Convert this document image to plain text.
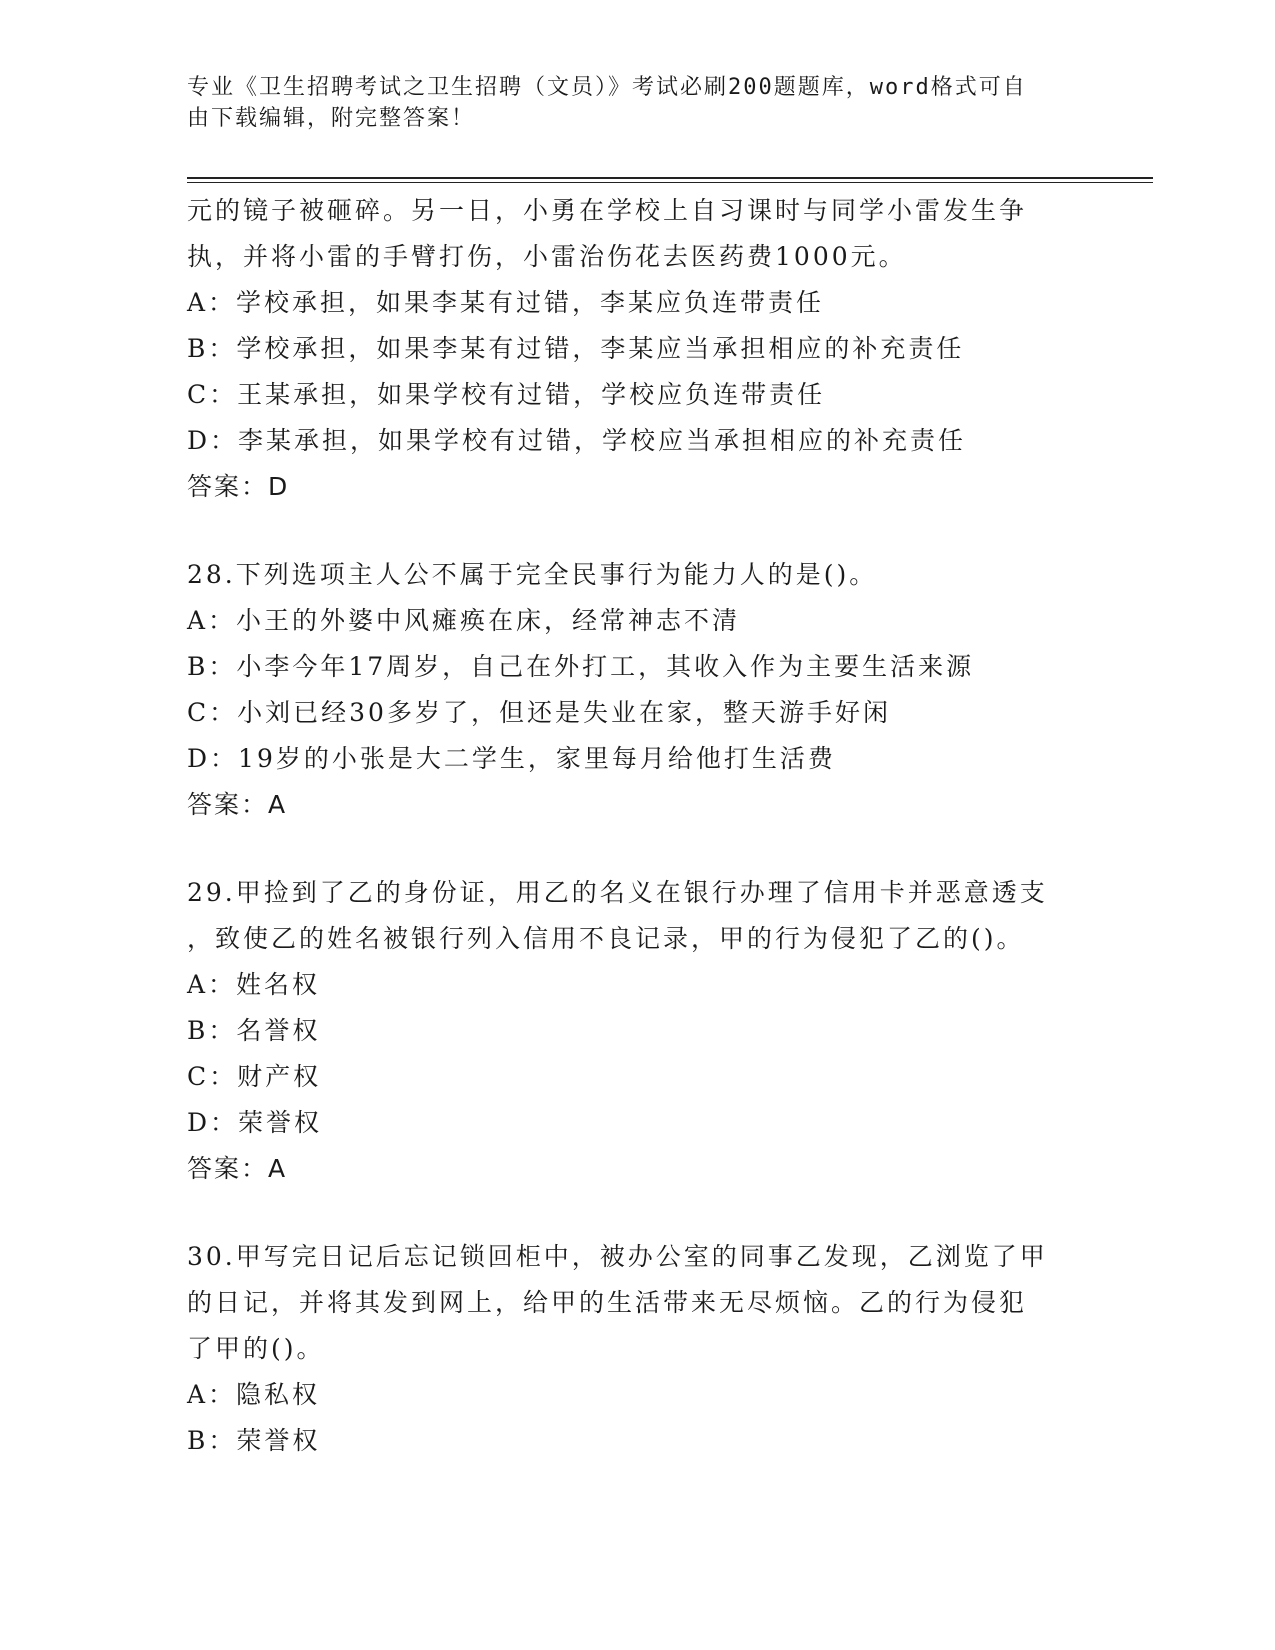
专业《卫生招聘考试之卫生招聘（文员）》考试必刷200题题库，word格式可自
由下载编辑，附完整答案！
元的镜子被砸碎。另一日，小勇在学校上自习课时与同学小雷发生争
执，并将小雷的手臂打伤，小雷治伤花去医药费1000元。
A：学校承担，如果李某有过错，李某应负连带责任
B：学校承担，如果李某有过错，李某应当承担相应的补充责任
C：王某承担，如果学校有过错，学校应负连带责任
D：李某承担，如果学校有过错，学校应当承担相应的补充责任
答案：D
28.下列选项主人公不属于完全民事行为能力人的是()。
A：小王的外婆中风瘫痪在床，经常神志不清
B：小李今年17周岁，自己在外打工，其收入作为主要生活来源
C：小刘已经30多岁了，但还是失业在家，整天游手好闲
D：19岁的小张是大二学生，家里每月给他打生活费
答案：A
29.甲捡到了乙的身份证，用乙的名义在银行办理了信用卡并恶意透支
，致使乙的姓名被银行列入信用不良记录，甲的行为侵犯了乙的()。
A：姓名权
B：名誉权
C：财产权
D：荣誉权
答案：A
30.甲写完日记后忘记锁回柜中，被办公室的同事乙发现，乙浏览了甲
的日记，并将其发到网上，给甲的生活带来无尽烦恼。乙的行为侵犯
了甲的()。
A：隐私权
B：荣誉权
